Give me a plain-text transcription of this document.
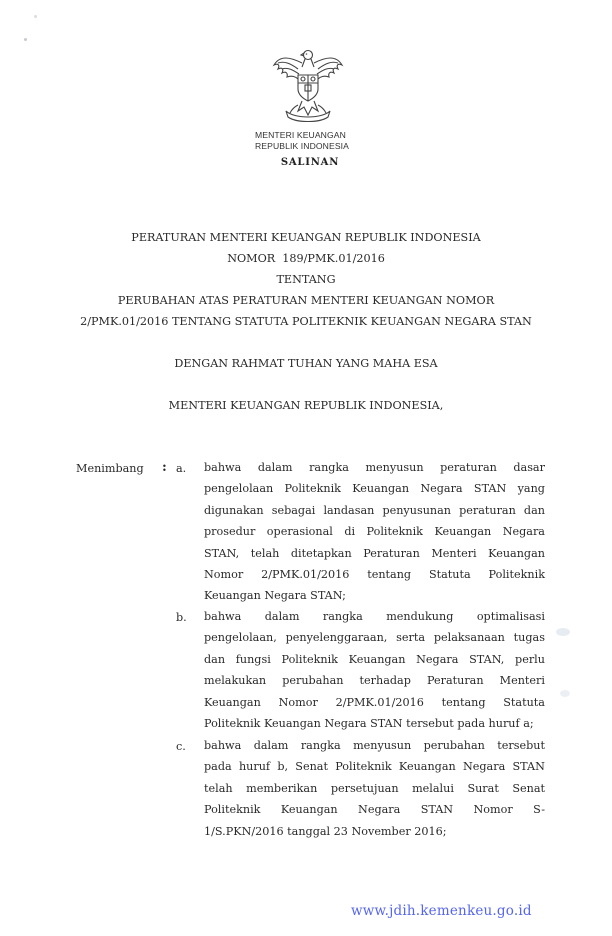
MENTERI KEUANGAN
REPUBLIK INDONESIA
SALINAN
PERATURAN MENTERI KEUANGAN REPUBLIK INDONESIA
NOMOR  189/PMK.01/2016
TENTANG
PERUBAHAN ATAS PERATURAN MENTERI KEUANGAN NOMOR
2/PMK.01/2016 TENTANG STATUTA POLITEKNIK KEUANGAN NEGARA STAN
DENGAN RAHMAT TUHAN YANG MAHA ESA
MENTERI KEUANGAN REPUBLIK INDONESIA,
Menimbang : a. bahwa dalam rangka menyusun peraturan dasar
pengelolaan Politeknik Keuangan Negara STAN yang
digunakan sebagai landasan penyusunan peraturan dan
prosedur operasional di Politeknik Keuangan Negara
STAN, telah ditetapkan Peraturan Menteri Keuangan
Nomor 2/PMK.01/2016 tentang Statuta Politeknik
Keuangan Negara STAN;
b. bahwa dalam rangka mendukung optimalisasi
pengelolaan, penyelenggaraan, serta pelaksanaan tugas
dan fungsi Politeknik Keuangan Negara STAN, perlu
melakukan perubahan terhadap Peraturan Menteri
Keuangan Nomor 2/PMK.01/2016 tentang Statuta
Politeknik Keuangan Negara STAN tersebut pada huruf a;
c. bahwa dalam rangka menyusun perubahan tersebut
pada huruf b, Senat Politeknik Keuangan Negara STAN
telah memberikan persetujuan melalui Surat Senat
Politeknik Keuangan Negara STAN Nomor S-
1/S.PKN/2016 tanggal 23 November 2016;
www.jdih.kemenkeu.go.id
